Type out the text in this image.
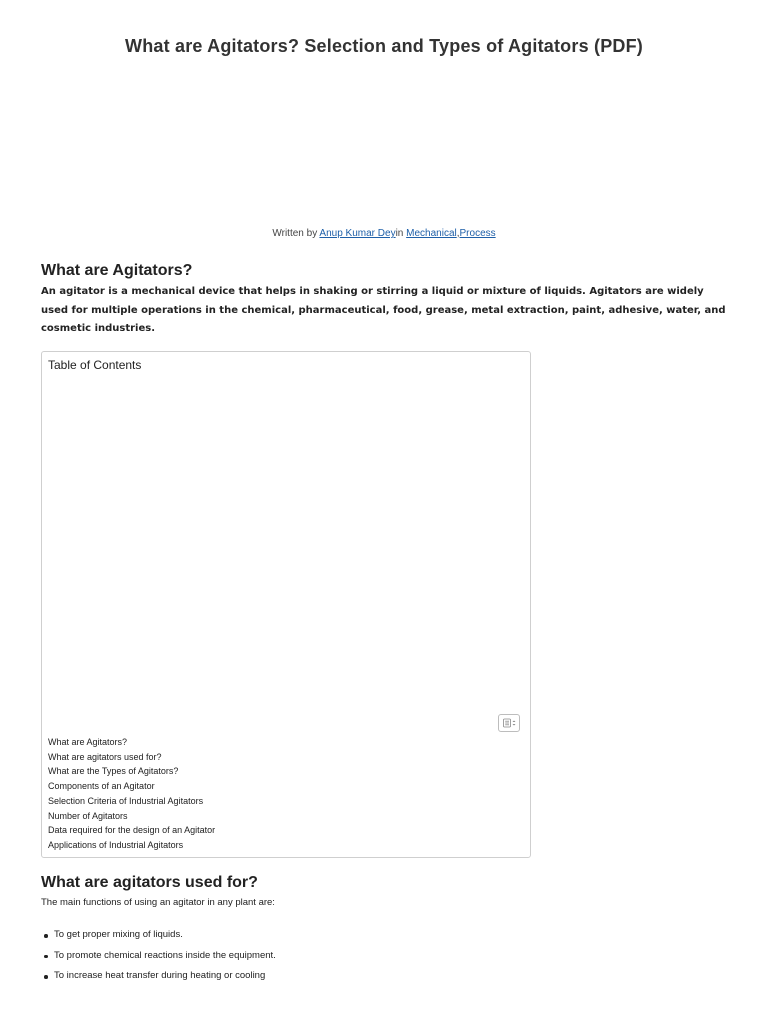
What are Agitators? Selection and Types of Agitators (PDF)
Written by Anup Kumar Deyin Mechanical,Process
What are Agitators?

An agitator is a mechanical device that helps in shaking or stirring a liquid or mixture of liquids. Agitators are widely used for multiple operations in the chemical, pharmaceutical, food, grease, metal extraction, paint, adhesive, water, and cosmetic industries.

Table of Contents
What are Agitators?
What are agitators used for?
What are the Types of Agitators?
Components of an Agitator
Selection Criteria of Industrial Agitators
Number of Agitators
Data required for the design of an Agitator
Applications of Industrial Agitators
What are agitators used for?

The main functions of using an agitator in any plant are:

To get proper mixing of liquids.
To promote chemical reactions inside the equipment.
To increase heat transfer during heating or cooling
